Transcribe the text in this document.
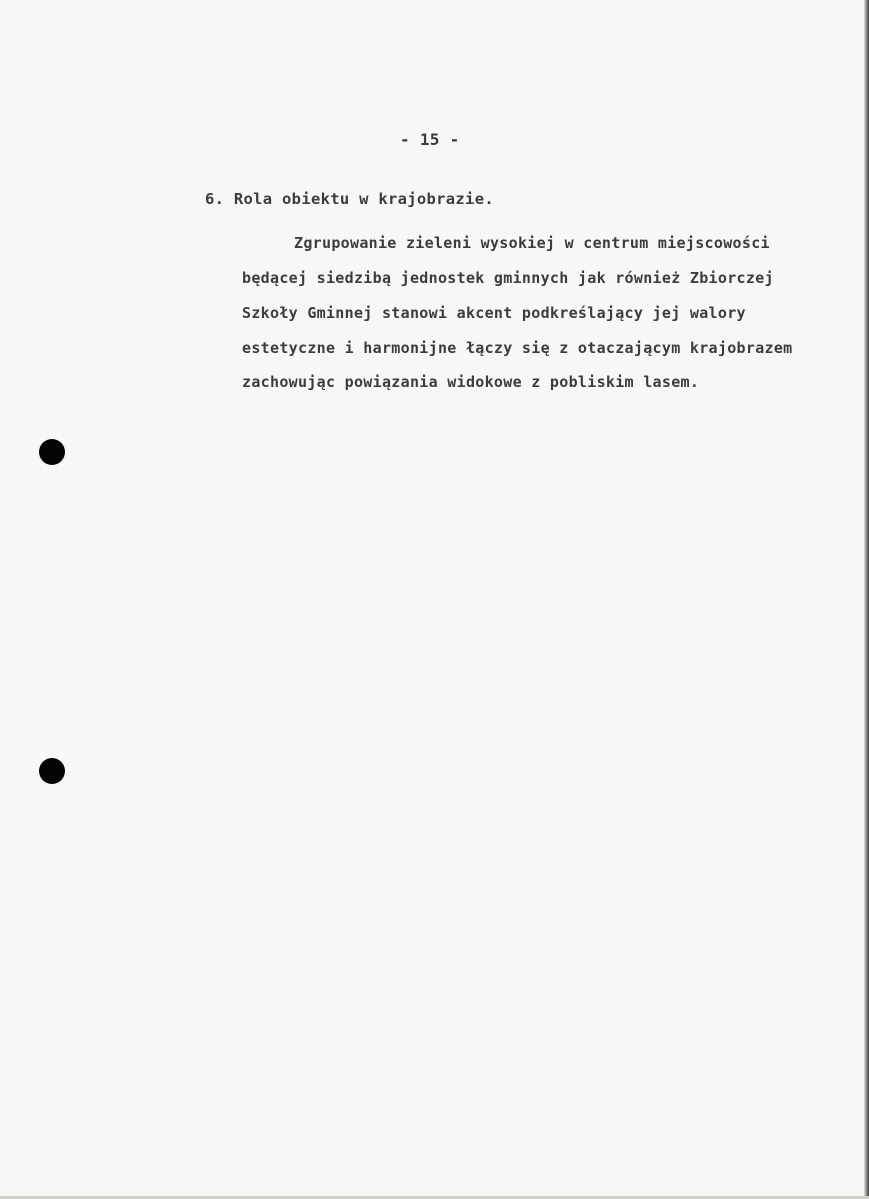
- 15 -
6. Rola obiektu w krajobrazie.
Zgrupowanie zieleni wysokiej w centrum miejscowości
będącej siedzibą jednostek gminnych jak również Zbiorczej
Szkoły Gminnej stanowi akcent podkreślający jej walory
estetyczne i harmonijne łączy się z otaczającym krajobrazem
zachowując powiązania widokowe z pobliskim lasem.
